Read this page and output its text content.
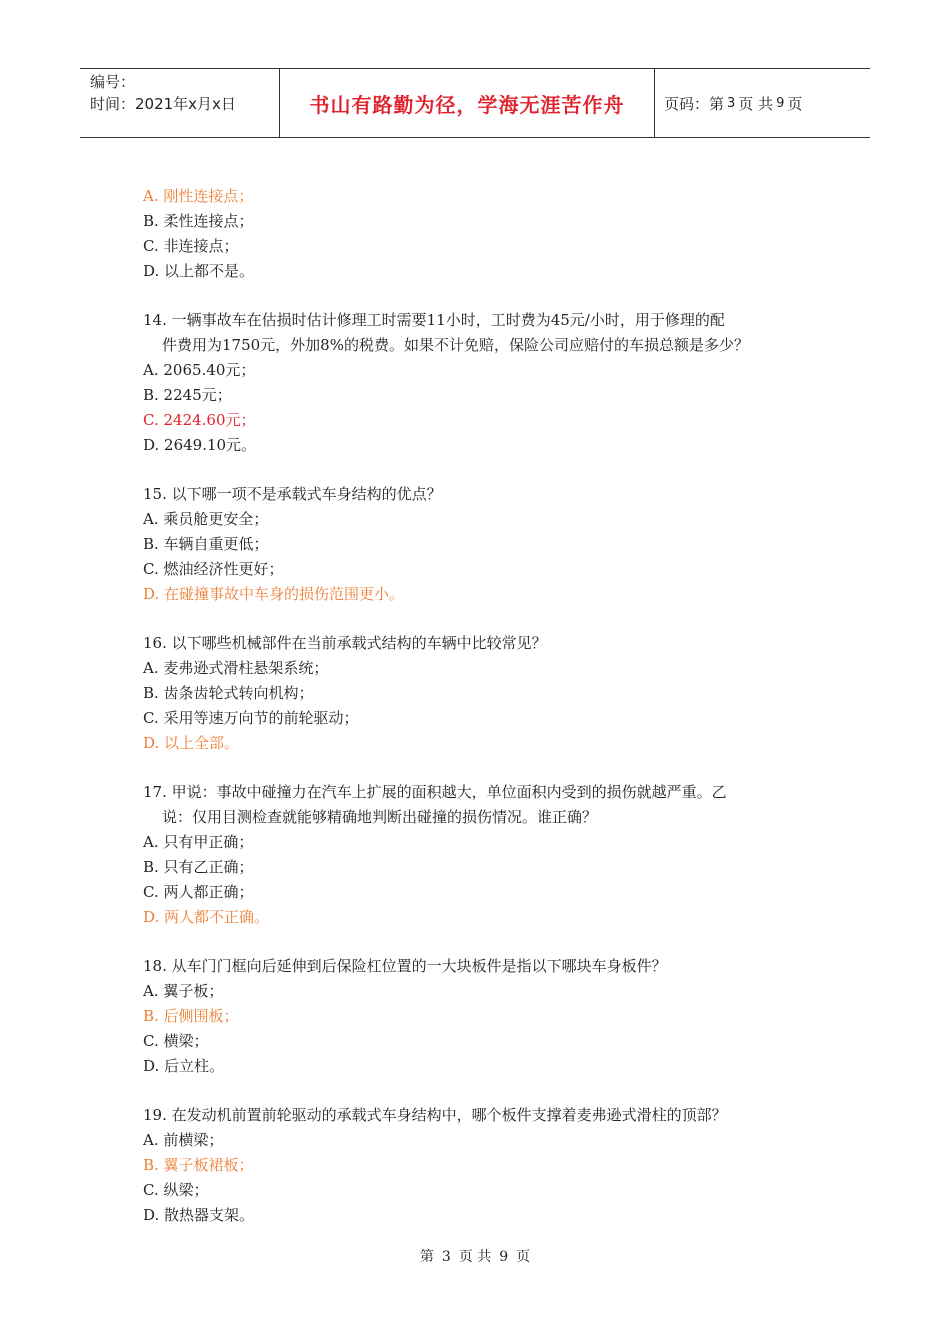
编号：
时间：2021年x月x日	书山有路勤为径，学海无涯苦作舟	页码：第 3 页 共 9 页
A. 刚性连接点；
B. 柔性连接点；
C. 非连接点；
D. 以上都不是。
14. 一辆事故车在估损时估计修理工时需要11小时，工时费为45元/小时，用于修理的配
件费用为1750元，外加8%的税费。如果不计免赔，保险公司应赔付的车损总额是多少？
A. 2065.40元；
B. 2245元；
C. 2424.60元；
D. 2649.10元。
15. 以下哪一项不是承载式车身结构的优点？
A. 乘员舱更安全；
B. 车辆自重更低；
C. 燃油经济性更好；
D. 在碰撞事故中车身的损伤范围更小。
16. 以下哪些机械部件在当前承载式结构的车辆中比较常见？
A. 麦弗逊式滑柱悬架系统；
B. 齿条齿轮式转向机构；
C. 采用等速万向节的前轮驱动；
D. 以上全部。
17. 甲说：事故中碰撞力在汽车上扩展的面积越大，单位面积内受到的损伤就越严重。乙
说：仅用目测检查就能够精确地判断出碰撞的损伤情况。谁正确？
A. 只有甲正确；
B. 只有乙正确；
C. 两人都正确；
D. 两人都不正确。
18. 从车门门框向后延伸到后保险杠位置的一大块板件是指以下哪块车身板件？
A. 翼子板；
B. 后侧围板；
C. 横梁；
D. 后立柱。
19. 在发动机前置前轮驱动的承载式车身结构中，哪个板件支撑着麦弗逊式滑柱的顶部？
A. 前横梁；
B. 翼子板裙板；
C. 纵梁；
D. 散热器支架。
第 3 页 共 9 页
